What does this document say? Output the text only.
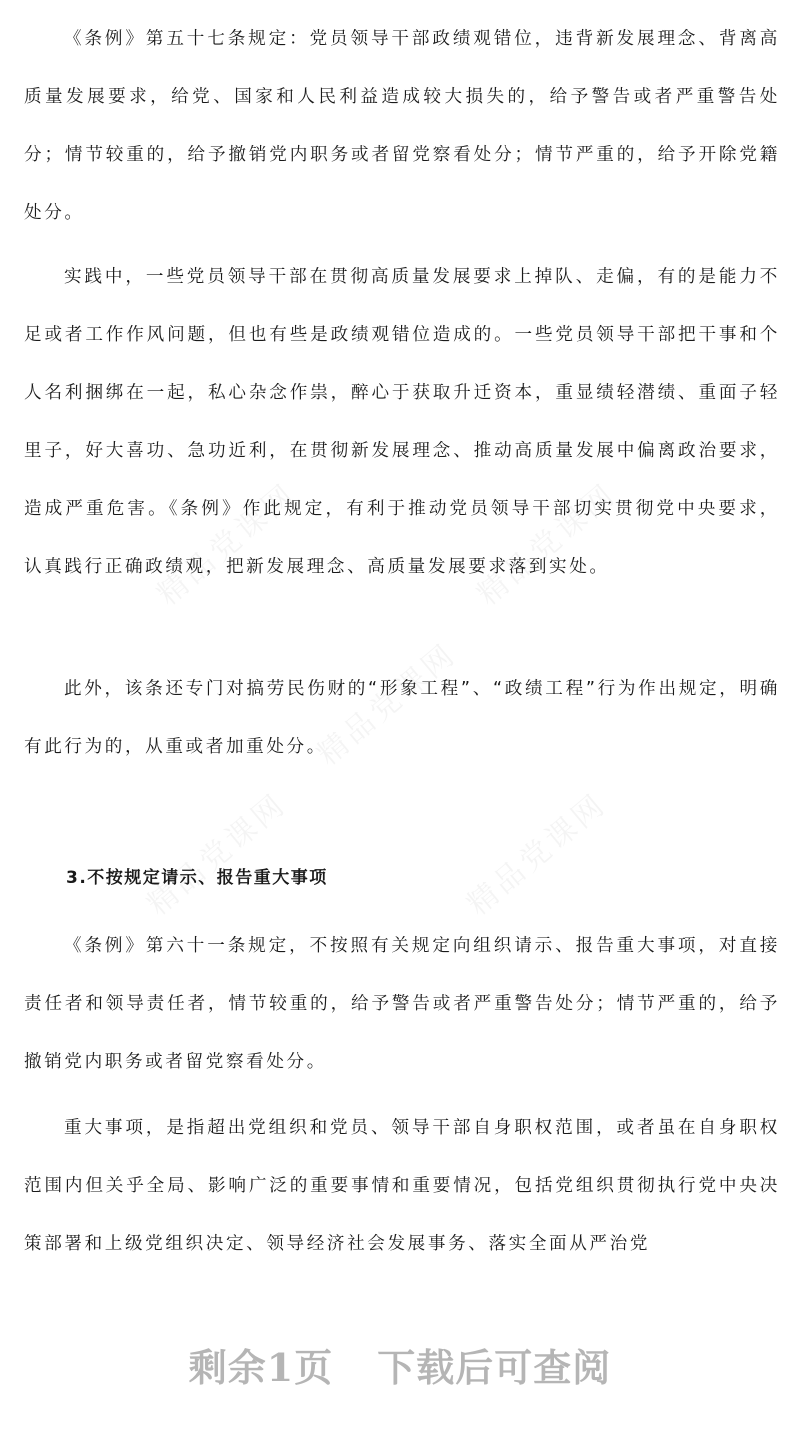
《条例》第五十七条规定：党员领导干部政绩观错位，违背新发展理念、背离高质量发展要求，给党、国家和人民利益造成较大损失的，给予警告或者严重警告处分；情节较重的，给予撤销党内职务或者留党察看处分；情节严重的，给予开除党籍处分。

实践中，一些党员领导干部在贯彻高质量发展要求上掉队、走偏，有的是能力不足或者工作作风问题，但也有些是政绩观错位造成的。一些党员领导干部把干事和个人名利捆绑在一起，私心杂念作祟，醉心于获取升迁资本，重显绩轻潜绩、重面子轻里子，好大喜功、急功近利，在贯彻新发展理念、推动高质量发展中偏离政治要求，造成严重危害。《条例》作此规定，有利于推动党员领导干部切实贯彻党中央要求，认真践行正确政绩观，把新发展理念、高质量发展要求落到实处。

此外，该条还专门对搞劳民伤财的“形象工程”、“政绩工程”行为作出规定，明确有此行为的，从重或者加重处分。

3.不按规定请示、报告重大事项

《条例》第六十一条规定，不按照有关规定向组织请示、报告重大事项，对直接责任者和领导责任者，情节较重的，给予警告或者严重警告处分；情节严重的，给予撤销党内职务或者留党察看处分。

重大事项，是指超出党组织和党员、领导干部自身职权范围，或者虽在自身职权范围内但关乎全局、影响广泛的重要事情和重要情况，包括党组织贯彻执行党中央决策部署和上级党组织决定、领导经济社会发展事务、落实全面从严治党

剩余1页 下载后可查阅
